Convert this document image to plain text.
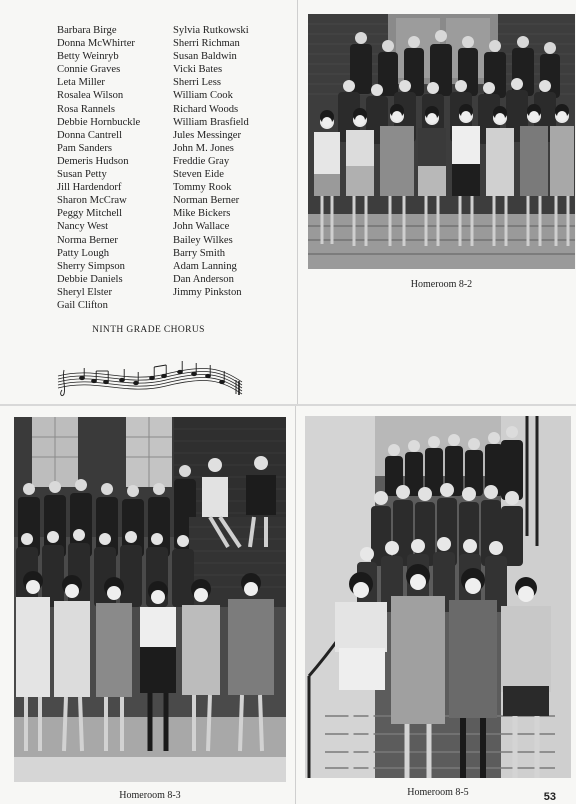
Barbara Birge
Donna McWhirter
Betty Weinryb
Connie Graves
Leta Miller
Rosalea Wilson
Rosa Rannels
Debbie Hornbuckle
Donna Cantrell
Pam Sanders
Demeris Hudson
Susan Petty
Jill Hardendorf
Sharon McCraw
Peggy Mitchell
Nancy West
Norma Berner
Patty Lough
Sherry Simpson
Debbie Daniels
Sheryl Elster
Gail Clifton
Sylvia Rutkowski
Sherri Richman
Susan Baldwin
Vicki Bates
Sherri Less
William Cook
Richard Woods
William Brasfield
Jules Messinger
John M. Jones
Freddie Gray
Steven Eide
Tommy Rook
Norman Berner
Mike Bickers
John Wallace
Bailey Wilkes
Barry Smith
Adam Lanning
Dan Anderson
Jimmy Pinkston
NINTH GRADE CHORUS
Homeroom 8-2
Homeroom 8-3	Homeroom 8-5	53
